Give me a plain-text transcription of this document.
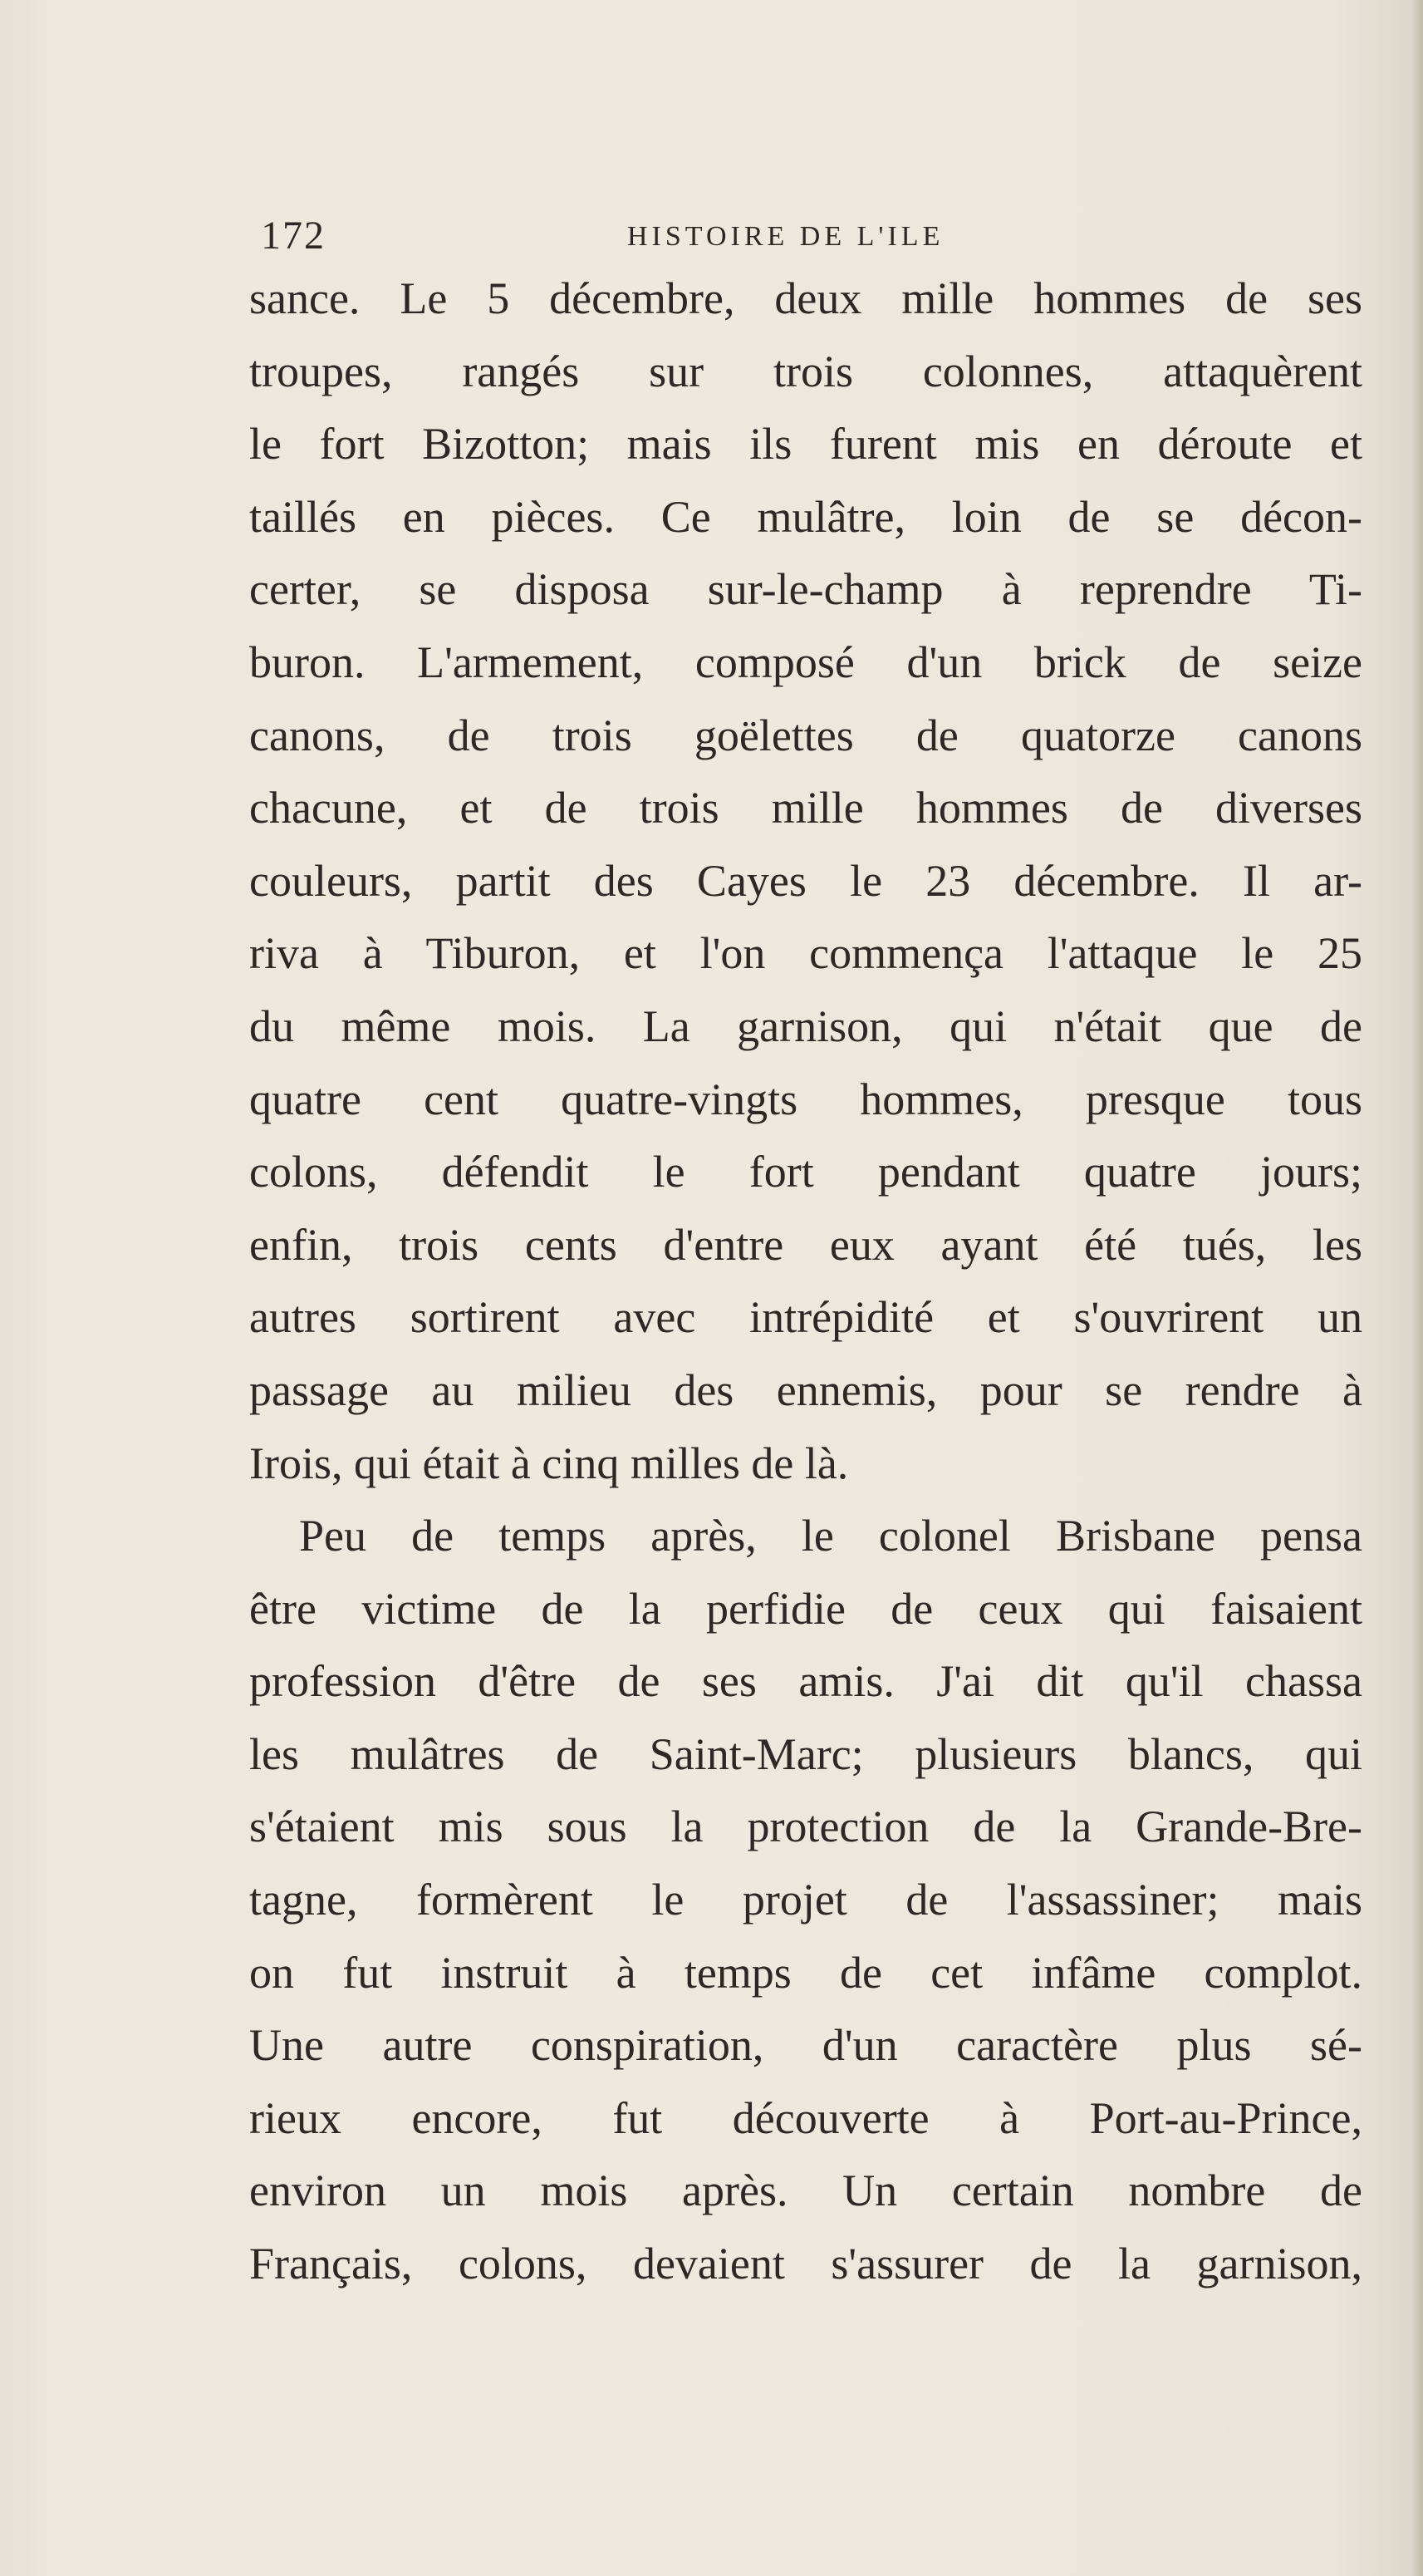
172	HISTOIRE DE L'ILE
sance. Le 5 décembre, deux mille hommes de ses
troupes, rangés sur trois colonnes, attaquèrent
le fort Bizotton; mais ils furent mis en déroute et
taillés en pièces. Ce mulâtre, loin de se décon-
certer, se disposa sur-le-champ à reprendre Ti-
buron. L'armement, composé d'un brick de seize
canons, de trois goëlettes de quatorze canons
chacune, et de trois mille hommes de diverses
couleurs, partit des Cayes le 23 décembre. Il ar-
riva à Tiburon, et l'on commença l'attaque le 25
du même mois. La garnison, qui n'était que de
quatre cent quatre-vingts hommes, presque tous
colons, défendit le fort pendant quatre jours;
enfin, trois cents d'entre eux ayant été tués, les
autres sortirent avec intrépidité et s'ouvrirent un
passage au milieu des ennemis, pour se rendre à
Irois, qui était à cinq milles de là.
Peu de temps après, le colonel Brisbane pensa
être victime de la perfidie de ceux qui faisaient
profession d'être de ses amis. J'ai dit qu'il chassa
les mulâtres de Saint-Marc; plusieurs blancs, qui
s'étaient mis sous la protection de la Grande-Bre-
tagne, formèrent le projet de l'assassiner; mais
on fut instruit à temps de cet infâme complot.
Une autre conspiration, d'un caractère plus sé-
rieux encore, fut découverte à Port-au-Prince,
environ un mois après. Un certain nombre de
Français, colons, devaient s'assurer de la garnison,
